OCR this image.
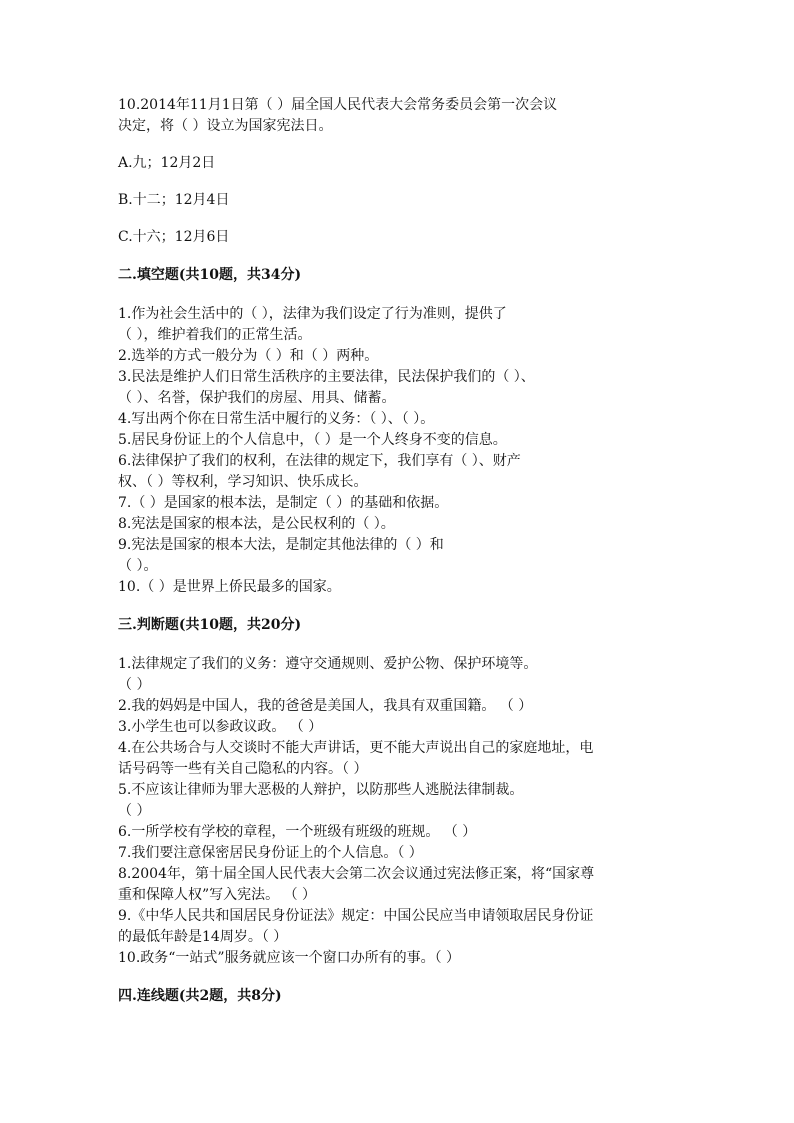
10.2014年11月1日第（ ）届全国人民代表大会常务委员会第一次会议
决定，将（ ）设立为国家宪法日。
A.九；12月2日
B.十二；12月4日
C.十六；12月6日
二.填空题(共10题，共34分)
1.作为社会生活中的（ ），法律为我们设定了行为准则，提供了
（ ），维护着我们的正常生活。
2.选举的方式一般分为（ ）和（ ）两种。
3.民法是维护人们日常生活秩序的主要法律，民法保护我们的（ ）、
（ ）、名誉，保护我们的房屋、用具、储蓄。
4.写出两个你在日常生活中履行的义务：（ ）、（ ）。
5.居民身份证上的个人信息中，（ ）是一个人终身不变的信息。
6.法律保护了我们的权利，在法律的规定下，我们享有（ ）、财产
权、（ ）等权利，学习知识、快乐成长。
7.（ ）是国家的根本法，是制定（ ）的基础和依据。
8.宪法是国家的根本法，是公民权利的（ ）。
9.宪法是国家的根本大法，是制定其他法律的（ ）和
（ ）。
10.（ ）是世界上侨民最多的国家。
三.判断题(共10题，共20分)
1.法律规定了我们的义务：遵守交通规则、爱护公物、保护环境等。
（ ）
2.我的妈妈是中国人，我的爸爸是美国人，我具有双重国籍。 （ ）
3.小学生也可以参政议政。 （ ）
4.在公共场合与人交谈时不能大声讲话，更不能大声说出自己的家庭地址，电
话号码等一些有关自己隐私的内容。（ ）
5.不应该让律师为罪大恶极的人辩护，以防那些人逃脱法律制裁。
（ ）
6.一所学校有学校的章程，一个班级有班级的班规。 （ ）
7.我们要注意保密居民身份证上的个人信息。（ ）
8.2004年，第十届全国人民代表大会第二次会议通过宪法修正案，将“国家尊
重和保障人权”写入宪法。 （ ）
9.《中华人民共和国居民身份证法》规定：中国公民应当申请领取居民身份证
的最低年龄是14周岁。（ ）
10.政务“一站式”服务就应该一个窗口办所有的事。（ ）
四.连线题(共2题，共8分)
